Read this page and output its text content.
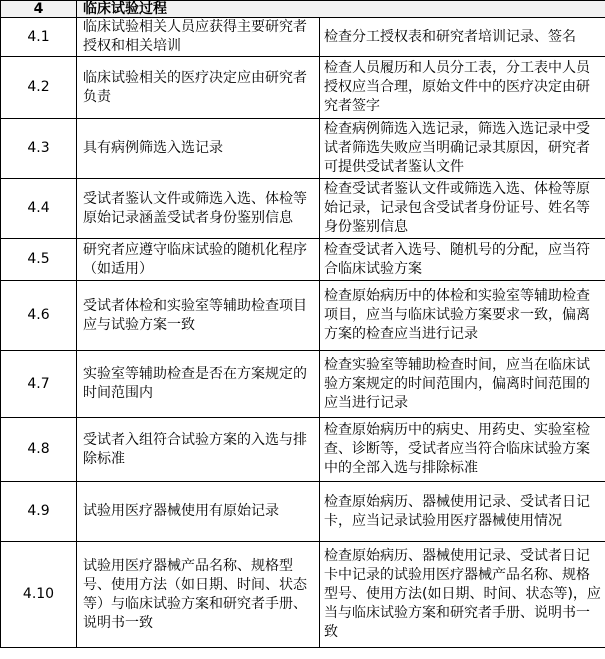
4	临床试验过程	
4.1	临床试验相关人员应获得主要研究者授权和相关培训	检查分工授权表和研究者培训记录、签名
4.2	临床试验相关的医疗决定应由研究者负责	检查人员履历和人员分工表，分工表中人员授权应当合理，原始文件中的医疗决定由研究者签字
4.3	具有病例筛选入选记录	检查病例筛选入选记录，筛选入选记录中受试者筛选失败应当明确记录其原因，研究者可提供受试者鉴认文件
4.4	受试者鉴认文件或筛选入选、体检等原始记录涵盖受试者身份鉴别信息	检查受试者鉴认文件或筛选入选、体检等原始记录，记录包含受试者身份证号、姓名等身份鉴别信息
4.5	研究者应遵守临床试验的随机化程序（如适用）	检查受试者入选号、随机号的分配，应当符合临床试验方案
4.6	受试者体检和实验室等辅助检查项目应与试验方案一致	检查原始病历中的体检和实验室等辅助检查项目，应当与临床试验方案要求一致，偏离方案的检查应当进行记录
4.7	实验室等辅助检查是否在方案规定的时间范围内	检查实验室等辅助检查时间，应当在临床试验方案规定的时间范围内，偏离时间范围的应当进行记录
4.8	受试者入组符合试验方案的入选与排除标准	检查原始病历中的病史、用药史、实验室检查、诊断等，受试者应当符合临床试验方案中的全部入选与排除标准
4.9	试验用医疗器械使用有原始记录	检查原始病历、器械使用记录、受试者日记卡，应当记录试验用医疗器械使用情况
4.10	试验用医疗器械产品名称、规格型号、使用方法（如日期、时间、状态等）与临床试验方案和研究者手册、说明书一致	检查原始病历、器械使用记录、受试者日记卡中记录的试验用医疗器械产品名称、规格型号、使用方法(如日期、时间、状态等)，应当与临床试验方案和研究者手册、说明书一致
